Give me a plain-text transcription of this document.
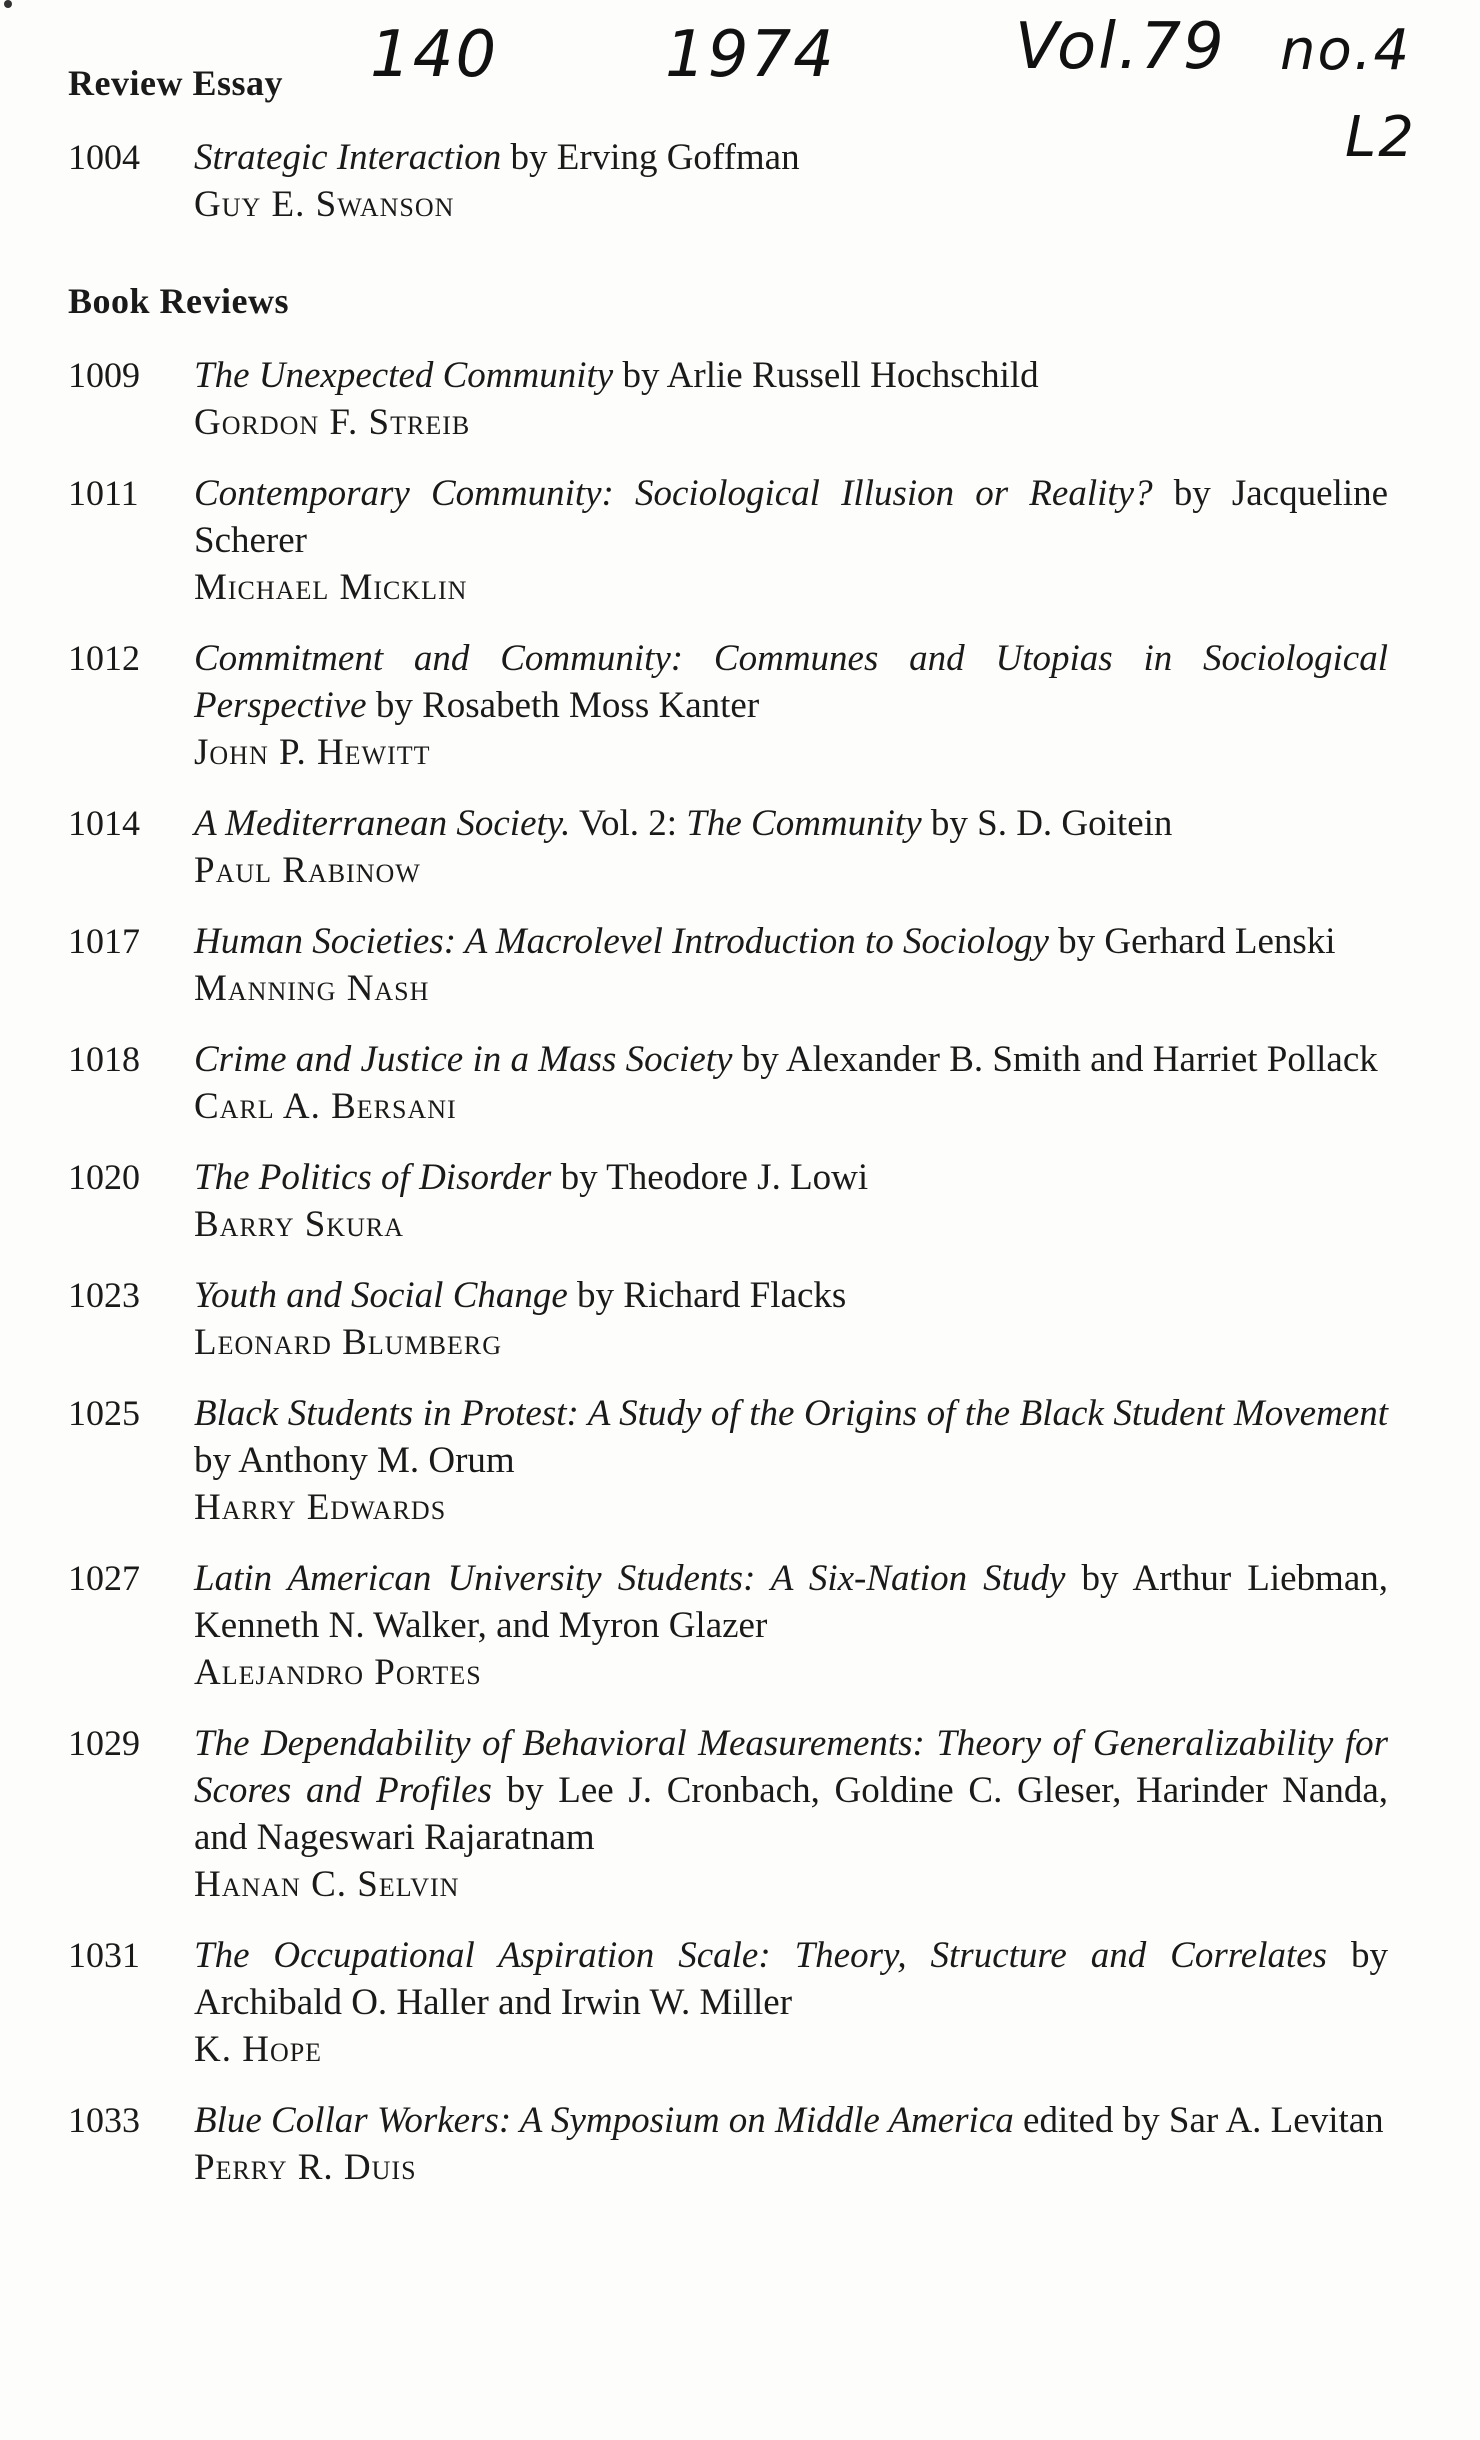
140	1974	Vol.79 no.4
L2
Review Essay
1004 Strategic Interaction by Erving Goffman
Guy E. Swanson
Book Reviews
1009 The Unexpected Community by Arlie Russell Hochschild
Gordon F. Streib
1011 Contemporary Community: Sociological Illusion or Reality? by Jacqueline Scherer
Michael Micklin
1012 Commitment and Community: Communes and Utopias in Sociological Perspective by Rosabeth Moss Kanter
John P. Hewitt
1014 A Mediterranean Society. Vol. 2: The Community by S. D. Goitein
Paul Rabinow
1017 Human Societies: A Macrolevel Introduction to Sociology by Gerhard Lenski
Manning Nash
1018 Crime and Justice in a Mass Society by Alexander B. Smith and Harriet Pollack
Carl A. Bersani
1020 The Politics of Disorder by Theodore J. Lowi
Barry Skura
1023 Youth and Social Change by Richard Flacks
Leonard Blumberg
1025 Black Students in Protest: A Study of the Origins of the Black Student Movement by Anthony M. Orum
Harry Edwards
1027 Latin American University Students: A Six-Nation Study by Arthur Liebman, Kenneth N. Walker, and Myron Glazer
Alejandro Portes
1029 The Dependability of Behavioral Measurements: Theory of Generalizability for Scores and Profiles by Lee J. Cronbach, Goldine C. Gleser, Harinder Nanda, and Nageswari Rajaratnam
Hanan C. Selvin
1031 The Occupational Aspiration Scale: Theory, Structure and Correlates by Archibald O. Haller and Irwin W. Miller
K. Hope
1033 Blue Collar Workers: A Symposium on Middle America edited by Sar A. Levitan
Perry R. Duis
